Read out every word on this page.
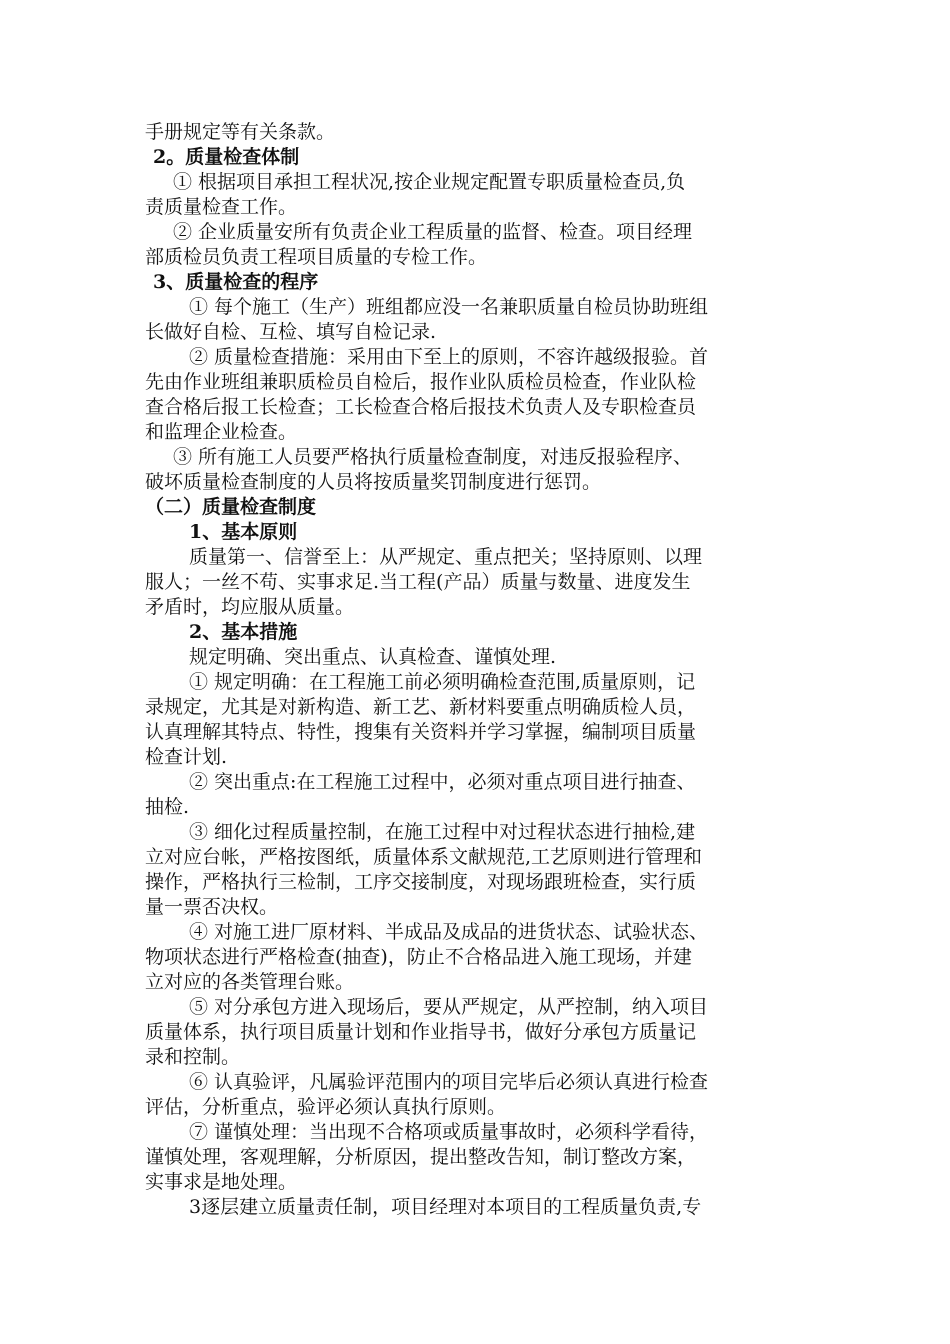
手册规定等有关条款。
2。质量检查体制
① 根据项目承担工程状况,按企业规定配置专职质量检查员,负
责质量检查工作。
② 企业质量安所有负责企业工程质量的监督、检查。项目经理
部质检员负责工程项目质量的专检工作。
3、质量检查的程序
① 每个施工（生产）班组都应没一名兼职质量自检员协助班组
长做好自检、互检、填写自检记录.
② 质量检查措施：采用由下至上的原则，不容许越级报验。首
先由作业班组兼职质检员自检后，报作业队质检员检查，作业队检
查合格后报工长检查；工长检查合格后报技术负责人及专职检查员
和监理企业检查。
③ 所有施工人员要严格执行质量检查制度，对违反报验程序、
破坏质量检查制度的人员将按质量奖罚制度进行惩罚。
（二）质量检查制度
1、基本原则
质量第一、信誉至上：从严规定、重点把关；坚持原则、以理
服人；一丝不苟、实事求足.当工程(产品）质量与数量、进度发生
矛盾时，均应服从质量。
2、基本措施
规定明确、突出重点、认真检查、谨慎处理.
① 规定明确：在工程施工前必须明确检查范围,质量原则，记
录规定，尤其是对新构造、新工艺、新材料要重点明确质检人员，
认真理解其特点、特性，搜集有关资料并学习掌握，编制项目质量
检查计划.
② 突出重点:在工程施工过程中，必须对重点项目进行抽查、
抽检.
③ 细化过程质量控制，在施工过程中对过程状态进行抽检,建
立对应台帐，严格按图纸，质量体系文献规范,工艺原则进行管理和
操作，严格执行三检制，工序交接制度，对现场跟班检查，实行质
量一票否决权。
④ 对施工进厂原材料、半成品及成品的进货状态、试验状态、
物项状态进行严格检查(抽查)，防止不合格品进入施工现场，并建
立对应的各类管理台账。
⑤ 对分承包方进入现场后，要从严规定，从严控制，纳入项目
质量体系，执行项目质量计划和作业指导书，做好分承包方质量记
录和控制。
⑥ 认真验评，凡属验评范围内的项目完毕后必须认真进行检查
评估，分析重点，验评必须认真执行原则。
⑦ 谨慎处理：当出现不合格项或质量事故时，必须科学看待，
谨慎处理，客观理解，分析原因，提出整改告知，制订整改方案，
实事求是地处理。
3逐层建立质量责任制，项目经理对本项目的工程质量负责,专
